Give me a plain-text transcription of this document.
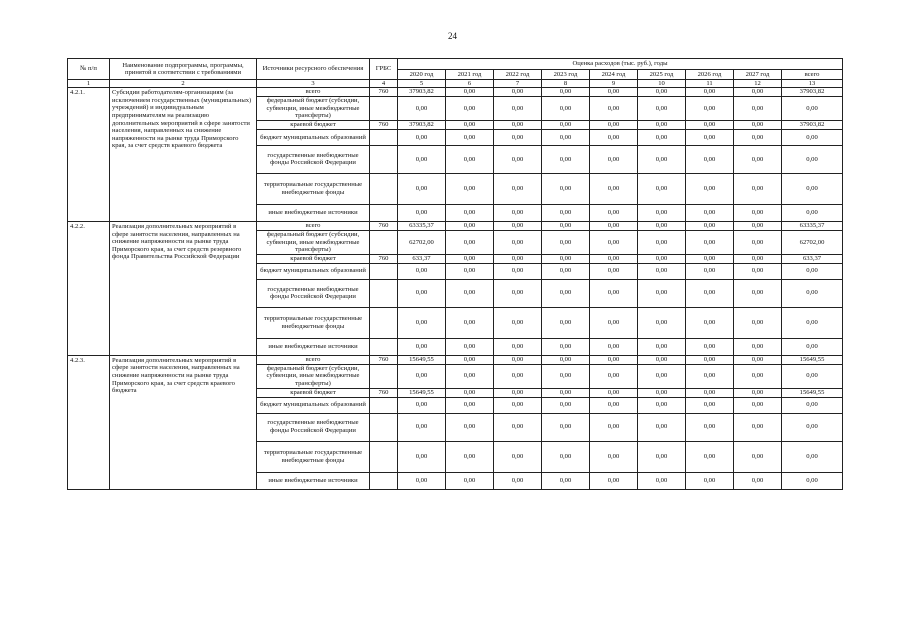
24
№ п/п	Наименование подпрограммы, программы, принятой в соответствии с требованиями	Источники ресурсного обеспечения	ГРБС	Оценка расходов (тыс. руб.), годы								
				2020 год	2021 год	2022 год	2023 год	2024 год	2025 год	2026 год	2027 год	всего
1	2	3	4	5	6	7	8	9	10	11	12	13
4.2.1.	Субсидии работодателям-организациям (за исключением государственных (муниципальных) учреждений) и индивидуальным предпринимателям на реализацию дополнительных мероприятий в сфере занятости населения, направленных на снижение напряженности на рынке труда Приморского края, за счет средств краевого бюджета	всего	760	37903,82	0,00	0,00	0,00	0,00	0,00	0,00	0,00	37903,82
		федеральный бюджет (субсидии, субвенции, иные межбюджетные трансферты)		0,00	0,00	0,00	0,00	0,00	0,00	0,00	0,00	0,00
		краевой бюджет	760	37903,82	0,00	0,00	0,00	0,00	0,00	0,00	0,00	37903,82
		бюджет муниципальных образований		0,00	0,00	0,00	0,00	0,00	0,00	0,00	0,00	0,00
		государственные внебюджетные фонды Российской Федерации		0,00	0,00	0,00	0,00	0,00	0,00	0,00	0,00	0,00
		территориальные государственные внебюджетные фонды		0,00	0,00	0,00	0,00	0,00	0,00	0,00	0,00	0,00
		иные внебюджетные источники		0,00	0,00	0,00	0,00	0,00	0,00	0,00	0,00	0,00
4.2.2.	Реализация дополнительных мероприятий в сфере занятости населения, направленных на снижение напряженности на рынке труда Приморского края, за счет средств резервного фонда Правительства Российской Федерации	всего	760	63335,37	0,00	0,00	0,00	0,00	0,00	0,00	0,00	63335,37
		федеральный бюджет (субсидии, субвенции, иные межбюджетные трансферты)		62702,00	0,00	0,00	0,00	0,00	0,00	0,00	0,00	62702,00
		краевой бюджет	760	633,37	0,00	0,00	0,00	0,00	0,00	0,00	0,00	633,37
		бюджет муниципальных образований		0,00	0,00	0,00	0,00	0,00	0,00	0,00	0,00	0,00
		государственные внебюджетные фонды Российской Федерации		0,00	0,00	0,00	0,00	0,00	0,00	0,00	0,00	0,00
		территориальные государственные внебюджетные фонды		0,00	0,00	0,00	0,00	0,00	0,00	0,00	0,00	0,00
		иные внебюджетные источники		0,00	0,00	0,00	0,00	0,00	0,00	0,00	0,00	0,00
4.2.3.	Реализация дополнительных мероприятий в сфере занятости населения, направленных на снижение напряженности на рынке труда Приморского края, за счет средств краевого бюджета	всего	760	15649,55	0,00	0,00	0,00	0,00	0,00	0,00	0,00	15649,55
		федеральный бюджет (субсидии, субвенции, иные межбюджетные трансферты)		0,00	0,00	0,00	0,00	0,00	0,00	0,00	0,00	0,00
		краевой бюджет	760	15649,55	0,00	0,00	0,00	0,00	0,00	0,00	0,00	15649,55
		бюджет муниципальных образований		0,00	0,00	0,00	0,00	0,00	0,00	0,00	0,00	0,00
		государственные внебюджетные фонды Российской Федерации		0,00	0,00	0,00	0,00	0,00	0,00	0,00	0,00	0,00
		территориальные государственные внебюджетные фонды		0,00	0,00	0,00	0,00	0,00	0,00	0,00	0,00	0,00
		иные внебюджетные источники		0,00	0,00	0,00	0,00	0,00	0,00	0,00	0,00	0,00
